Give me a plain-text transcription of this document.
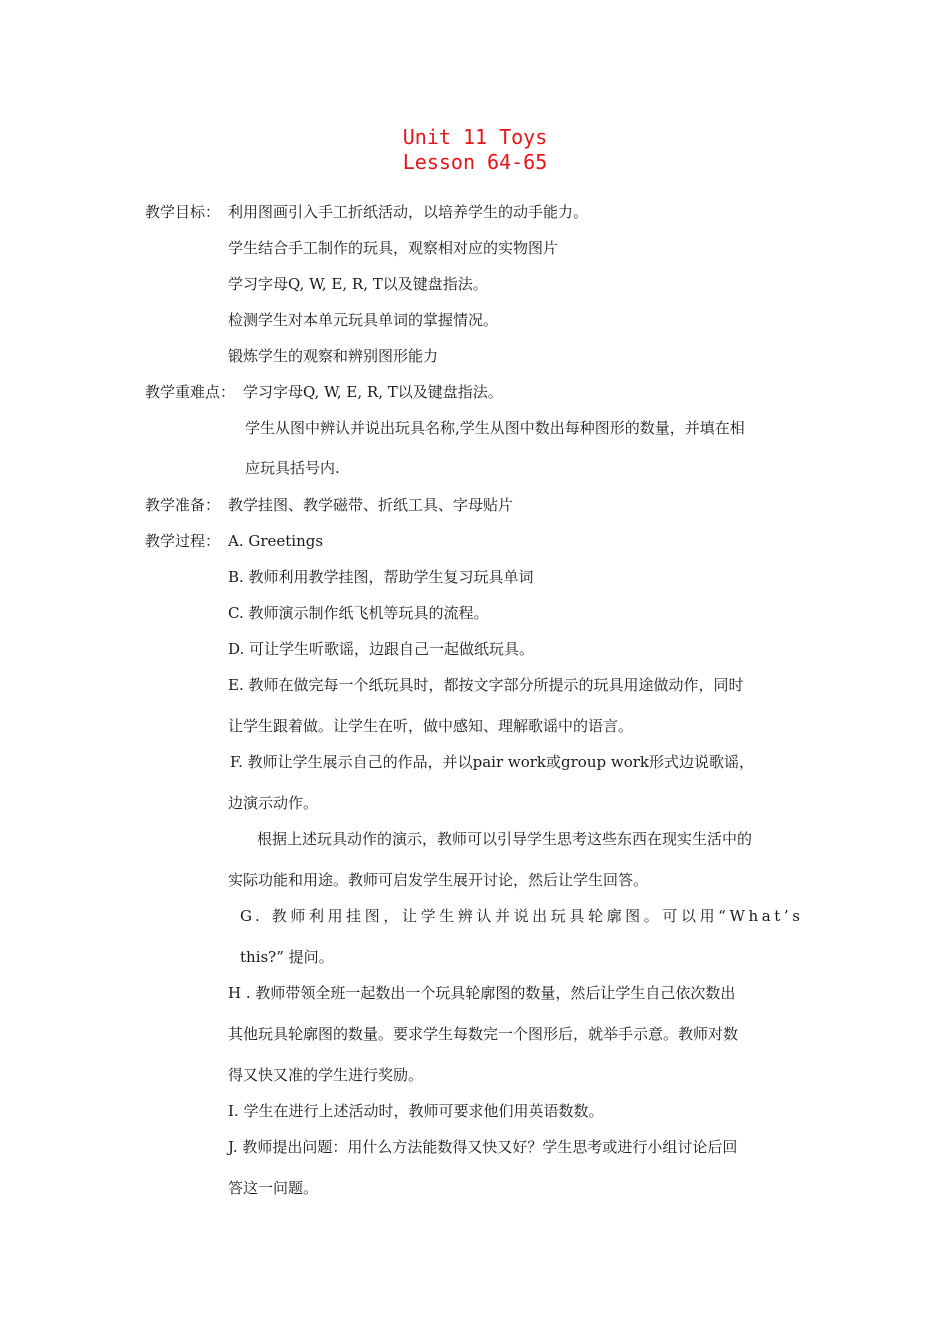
Unit 11 Toys
Lesson 64-65
教学目标： 利用图画引入手工折纸活动，以培养学生的动手能力。
学生结合手工制作的玩具，观察相对应的实物图片
学习字母Q, W, E, R, T以及键盘指法。
检测学生对本单元玩具单词的掌握情况。
锻炼学生的观察和辨别图形能力
教学重难点： 学习字母Q, W, E, R, T以及键盘指法。
学生从图中辨认并说出玩具名称,学生从图中数出每种图形的数量，并填在相
应玩具括号内.
教学准备： 教学挂图、教学磁带、折纸工具、字母贴片
教学过程： A. Greetings
B. 教师利用教学挂图，帮助学生复习玩具单词
C. 教师演示制作纸飞机等玩具的流程。
D. 可让学生听歌谣，边跟自己一起做纸玩具。
E. 教师在做完每一个纸玩具时，都按文字部分所提示的玩具用途做动作，同时
让学生跟着做。让学生在听，做中感知、理解歌谣中的语言。
F. 教师让学生展示自己的作品，并以pair work或group work形式边说歌谣，
边演示动作。
根据上述玩具动作的演示，教师可以引导学生思考这些东西在现实生活中的
实际功能和用途。教师可启发学生展开讨论，然后让学生回答。
G. 教师利用挂图，让学生辨认并说出玩具轮廓图。可以用“What’s
this?” 提问。
H . 教师带领全班一起数出一个玩具轮廓图的数量，然后让学生自己依次数出
其他玩具轮廓图的数量。要求学生每数完一个图形后，就举手示意。教师对数
得又快又准的学生进行奖励。
I. 学生在进行上述活动时，教师可要求他们用英语数数。
J. 教师提出问题：用什么方法能数得又快又好？学生思考或进行小组讨论后回
答这一问题。
